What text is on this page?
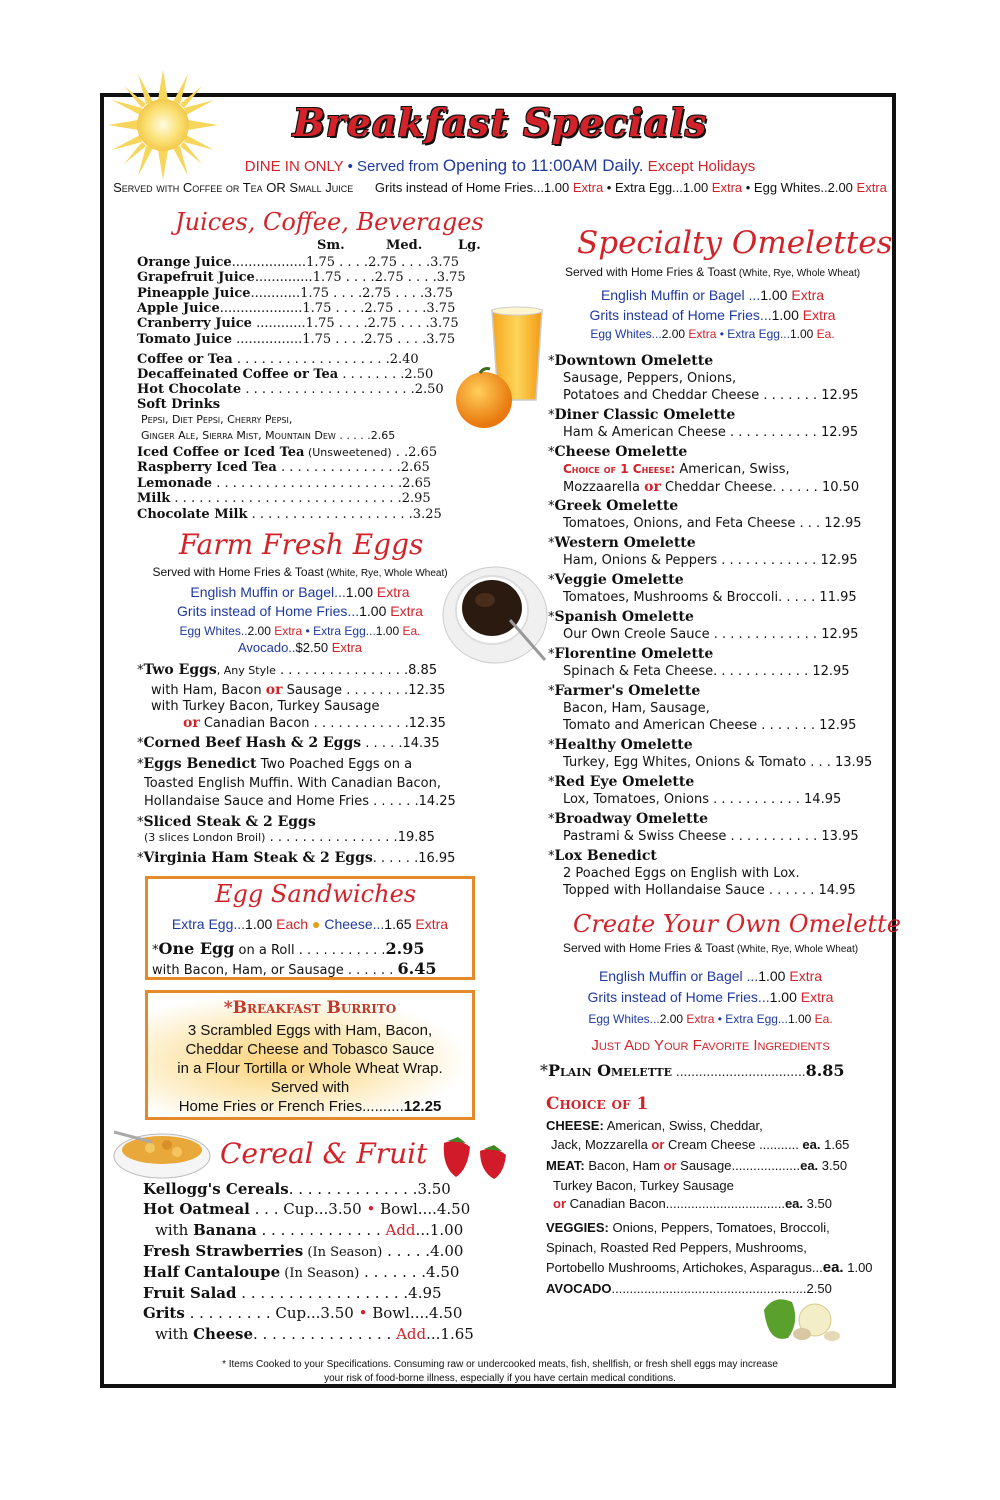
Breakfast Specials
DINE IN ONLY • Served from Opening to 11:00AM Daily. Except Holidays
Served with Coffee or Tea OR Small Juice Grits instead of Home Fries...1.00 Extra • Extra Egg...1.00 Extra • Egg Whites..2.00 Extra
Juices, Coffee, Beverages
Sm.	Med.	Lg.
Orange Juice..................1.75 . . . .2.75 . . . .3.75
Grapefruit Juice..............1.75 . . . .2.75 . . . .3.75
Pineapple Juice............1.75 . . . .2.75 . . . .3.75
Apple Juice....................1.75 . . . .2.75 . . . .3.75
Cranberry Juice ............1.75 . . . .2.75 . . . .3.75
Tomato Juice ................1.75 . . . .2.75 . . . .3.75
Coffee or Tea . . . . . . . . . . . . . . . . . . .2.40
Decaffeinated Coffee or Tea . . . . . . . .2.50
Hot Chocolate . . . . . . . . . . . . . . . . . . . . .2.50
Soft Drinks
Pepsi, Diet Pepsi, Cherry Pepsi,
Ginger Ale, Sierra Mist, Mountain Dew . . . . .2.65
Iced Coffee or Iced Tea (Unsweetened) . .2.65
Raspberry Iced Tea . . . . . . . . . . . . . . .2.65
Lemonade . . . . . . . . . . . . . . . . . . . . . . .2.65
Milk . . . . . . . . . . . . . . . . . . . . . . . . . . . .2.95
Chocolate Milk . . . . . . . . . . . . . . . . . . . .3.25
Farm Fresh Eggs
Served with Home Fries & Toast (White, Rye, Whole Wheat)
English Muffin or Bagel...1.00 Extra
Grits instead of Home Fries...1.00 Extra
Egg Whites..2.00 Extra • Extra Egg...1.00 Ea.
Avocado..$2.50 Extra
*Two Eggs, Any Style . . . . . . . . . . . . . . . .8.85
with Ham, Bacon or Sausage . . . . . . . .12.35
with Turkey Bacon, Turkey Sausage
or Canadian Bacon . . . . . . . . . . . .12.35
*Corned Beef Hash & 2 Eggs . . . . .14.35
*Eggs Benedict Two Poached Eggs on a
Toasted English Muffin. With Canadian Bacon,
Hollandaise Sauce and Home Fries . . . . . .14.25
*Sliced Steak & 2 Eggs
(3 slices London Broil) . . . . . . . . . . . . . . . .19.85
*Virginia Ham Steak & 2 Eggs. . . . . .16.95
Egg Sandwiches
Extra Egg...1.00 Each ● Cheese...1.65 Extra
*One Egg on a Roll . . . . . . . . . . .2.95
with Bacon, Ham, or Sausage . . . . . . 6.45
*Breakfast Burrito
3 Scrambled Eggs with Ham, Bacon,
Cheddar Cheese and Tobasco Sauce
in a Flour Tortilla or Whole Wheat Wrap.
Served with
Home Fries or French Fries..........12.25
Cereal & Fruit
Kellogg's Cereals. . . . . . . . . . . . . .3.50
Hot Oatmeal . . . Cup...3.50 • Bowl....4.50
with Banana . . . . . . . . . . . . . Add...1.00
Fresh Strawberries (In Season) . . . . .4.00
Half Cantaloupe (In Season) . . . . . . .4.50
Fruit Salad . . . . . . . . . . . . . . . . . .4.95
Grits . . . . . . . . . Cup...3.50 • Bowl....4.50
with Cheese. . . . . . . . . . . . . . . Add...1.65
Specialty Omelettes
Served with Home Fries & Toast (White, Rye, Whole Wheat)
English Muffin or Bagel ...1.00 Extra
Grits instead of Home Fries...1.00 Extra
Egg Whites...2.00 Extra • Extra Egg...1.00 Ea.
*Downtown Omelette
Sausage, Peppers, Onions,
Potatoes and Cheddar Cheese . . . . . . . 12.95
*Diner Classic Omelette
Ham & American Cheese . . . . . . . . . . . 12.95
*Cheese Omelette
Choice of 1 Cheese: American, Swiss,
Mozzaarella or Cheddar Cheese. . . . . . 10.50
*Greek Omelette
Tomatoes, Onions, and Feta Cheese . . . 12.95
*Western Omelette
Ham, Onions & Peppers . . . . . . . . . . . . 12.95
*Veggie Omelette
Tomatoes, Mushrooms & Broccoli. . . . . 11.95
*Spanish Omelette
Our Own Creole Sauce . . . . . . . . . . . . . 12.95
*Florentine Omelette
Spinach & Feta Cheese. . . . . . . . . . . . 12.95
*Farmer's Omelette
Bacon, Ham, Sausage,
Tomato and American Cheese . . . . . . . 12.95
*Healthy Omelette
Turkey, Egg Whites, Onions & Tomato . . . 13.95
*Red Eye Omelette
Lox, Tomatoes, Onions . . . . . . . . . . . 14.95
*Broadway Omelette
Pastrami & Swiss Cheese . . . . . . . . . . . 13.95
*Lox Benedict
2 Poached Eggs on English with Lox.
Topped with Hollandaise Sauce . . . . . . 14.95
Create Your Own Omelette
Served with Home Fries & Toast (White, Rye, Whole Wheat)
English Muffin or Bagel ...1.00 Extra
Grits instead of Home Fries...1.00 Extra
Egg Whites...2.00 Extra • Extra Egg...1.00 Ea.
Just Add Your Favorite Ingredients
*Plain Omelette ..................................8.85
Choice of 1
CHEESE: American, Swiss, Cheddar,
Jack, Mozzarella or Cream Cheese ........... ea. 1.65
MEAT: Bacon, Ham or Sausage...................ea. 3.50
Turkey Bacon, Turkey Sausage
or Canadian Bacon.................................ea. 3.50
VEGGIES: Onions, Peppers, Tomatoes, Broccoli,
Spinach, Roasted Red Peppers, Mushrooms,
Portobello Mushrooms, Artichokes, Asparagus...ea. 1.00
AVOCADO......................................................2.50
* Items Cooked to your Specifications. Consuming raw or undercooked meats, fish, shellfish, or fresh shell eggs may increase
your risk of food-borne illness, especially if you have certain medical conditions.
